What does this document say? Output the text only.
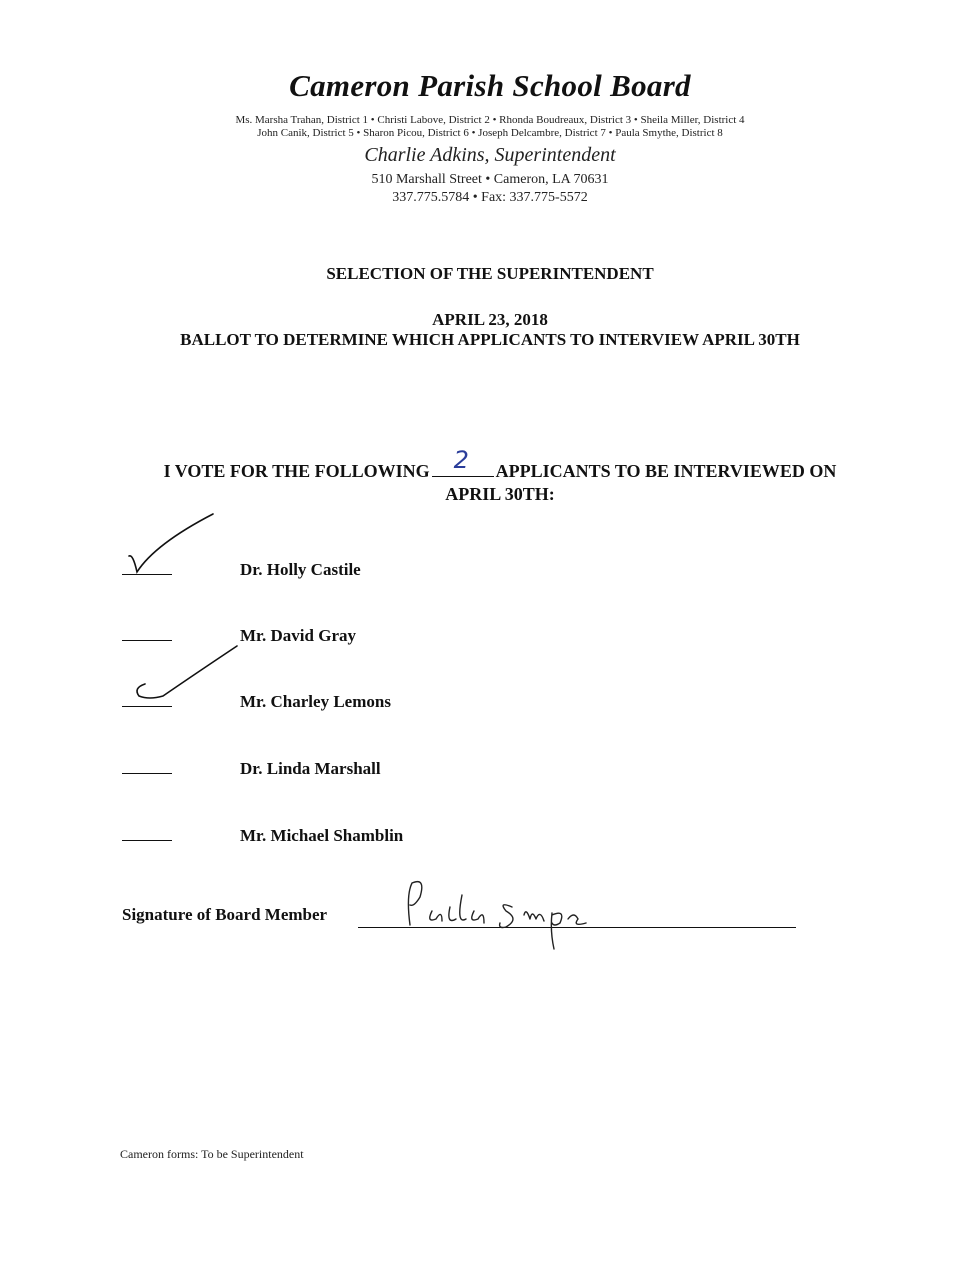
Cameron Parish School Board
Ms. Marsha Trahan, District 1 • Christi Labove, District 2 • Rhonda Boudreaux, District 3 • Sheila Miller, District 4
John Canik, District 5 • Sharon Picou, District 6 • Joseph Delcambre, District 7 • Paula Smythe, District 8
Charlie Adkins, Superintendent
510 Marshall Street • Cameron, LA 70631
337.775.5784 • Fax: 337.775-5572
SELECTION OF THE SUPERINTENDENT
APRIL 23, 2018
BALLOT TO DETERMINE WHICH APPLICANTS TO INTERVIEW APRIL 30TH
I VOTE FOR THE FOLLOWING 2 APPLICANTS TO BE INTERVIEWED ON
APRIL 30TH:
Dr. Holly Castile
Mr. David Gray
Mr. Charley Lemons
Dr. Linda Marshall
Mr. Michael Shamblin
Signature of Board Member
Cameron forms: To be Superintendent
